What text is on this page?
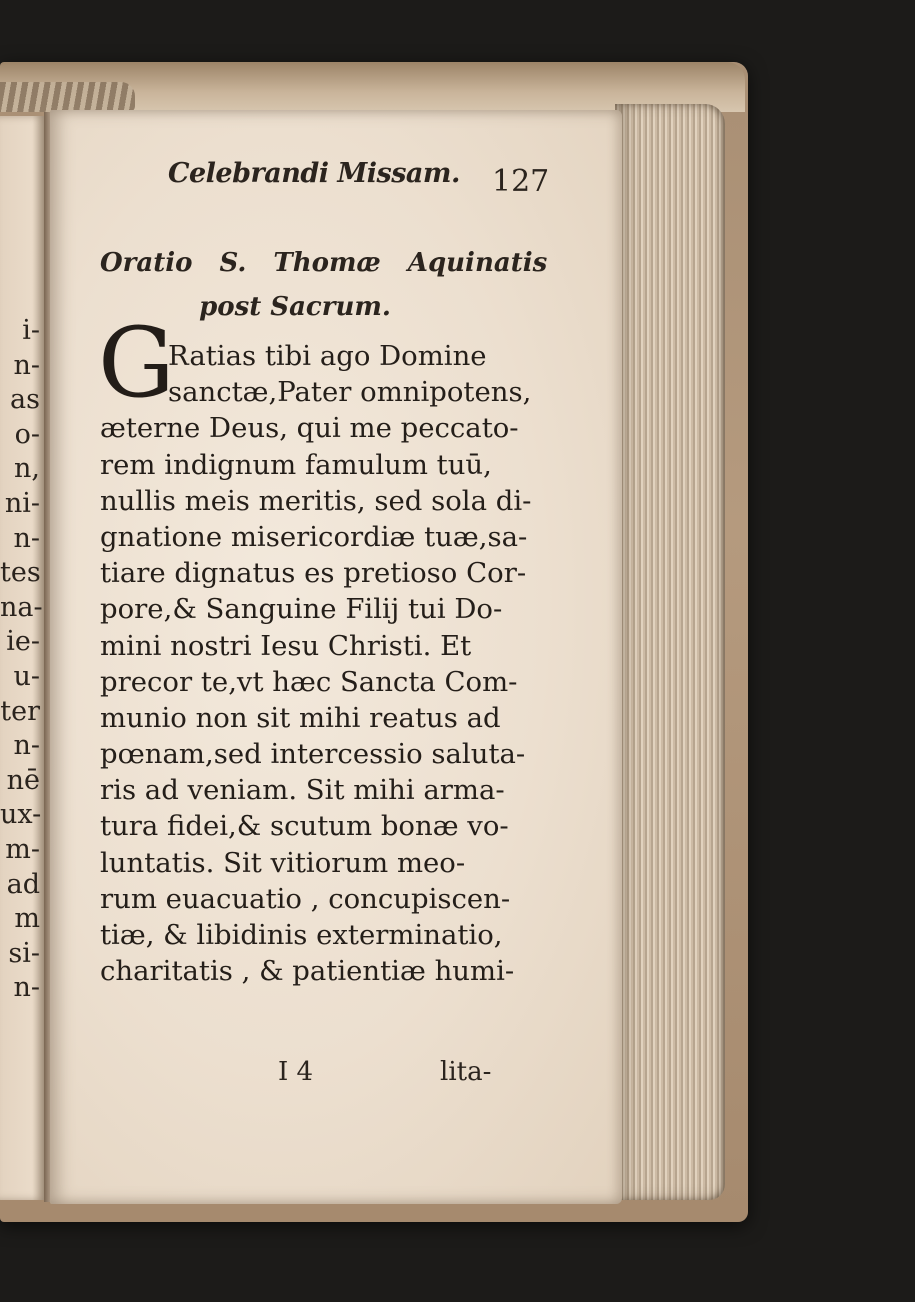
i-
n-
as
o-
n,
ni-
n-
tes
na-
ie-
u-
ter
n-
nē
ux-
m-
ad
m
si-
n-
Celebrandi Missam.	127
Oratio S. Thomæ Aquinatis
post Sacrum.
G
Ratias tibi ago Domine
sanctæ,Pater omnipotens,
æterne Deus, qui me peccato-
rem indignum famulum tuū,
nullis meis meritis, sed sola di-
gnatione misericordiæ tuæ,sa-
tiare dignatus es pretioso Cor-
pore,& Sanguine Filij tui Do-
mini nostri Iesu Christi. Et
precor te,vt hæc Sancta Com-
munio non sit mihi reatus ad
pœnam,sed intercessio saluta-
ris ad veniam. Sit mihi arma-
tura fidei,& scutum bonæ vo-
luntatis. Sit vitiorum meo-
rum euacuatio , concupiscen-
tiæ, & libidinis exterminatio,
charitatis , & patientiæ humi-
I 4	lita-
